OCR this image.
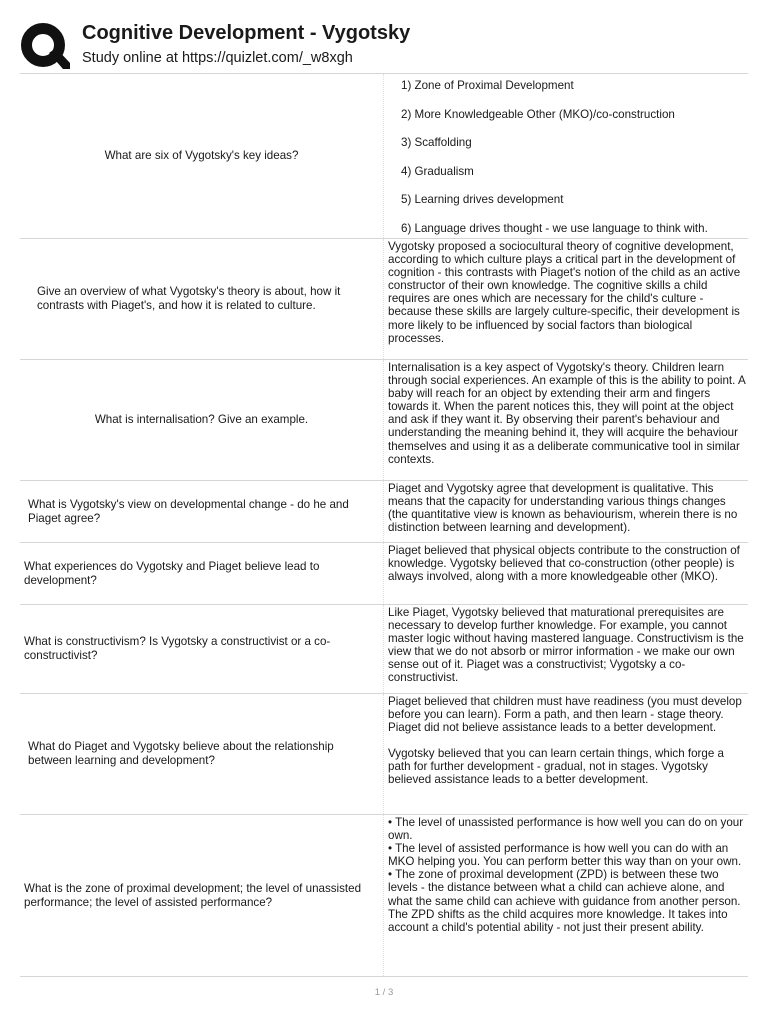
Cognitive Development - Vygotsky
Study online at https://quizlet.com/_w8xgh
What are six of Vygotsky's key ideas?

1) Zone of Proximal Development

2) More Knowledgeable Other (MKO)/co-construction

3) Scaffolding

4) Gradualism

5) Learning drives development

6) Language drives thought - we use language to think with.

Give an overview of what Vygotsky's theory is about, how it contrasts with Piaget's, and how it is related to culture.

Vygotsky proposed a sociocultural theory of cognitive development, according to which culture plays a critical part in the development of cognition - this contrasts with Piaget's notion of the child as an active constructor of their own knowledge. The cognitive skills a child requires are ones which are necessary for the child's culture - because these skills are largely culture-specific, their development is more likely to be influenced by social factors than biological processes.

What is internalisation? Give an example.

Internalisation is a key aspect of Vygotsky's theory. Children learn through social experiences. An example of this is the ability to point. A baby will reach for an object by extending their arm and fingers towards it. When the parent notices this, they will point at the object and ask if they want it. By observing their parent's behaviour and understanding the meaning behind it, they will acquire the behaviour themselves and using it as a deliberate communicative tool in similar contexts.

What is Vygotsky's view on developmental change - do he and Piaget agree?

Piaget and Vygotsky agree that development is qualitative. This means that the capacity for understanding various things changes (the quantitative view is known as behaviourism, wherein there is no distinction between learning and development).

What experiences do Vygotsky and Piaget believe lead to development?

Piaget believed that physical objects contribute to the construction of knowledge. Vygotsky believed that co-construction (other people) is always involved, along with a more knowledgeable other (MKO).

What is constructivism? Is Vygotsky a constructivist or a co-constructivist?

Like Piaget, Vygotsky believed that maturational prerequisites are necessary to develop further knowledge. For example, you cannot master logic without having mastered language. Constructivism is the view that we do not absorb or mirror information - we make our own sense out of it. Piaget was a constructivist; Vygotsky a co-constructivist.

What do Piaget and Vygotsky believe about the relationship between learning and development?

Piaget believed that children must have readiness (you must develop before you can learn). Form a path, and then learn - stage theory. Piaget did not believe assistance leads to a better development.

Vygotsky believed that you can learn certain things, which forge a path for further development - gradual, not in stages. Vygotsky believed assistance leads to a better development.

What is the zone of proximal development; the level of unassisted performance; the level of assisted performance?

• The level of unassisted performance is how well you can do on your own.

• The level of assisted performance is how well you can do with an MKO helping you. You can perform better this way than on your own.

• The zone of proximal development (ZPD) is between these two levels - the distance between what a child can achieve alone, and what the same child can achieve with guidance from another person. The ZPD shifts as the child acquires more knowledge. It takes into account a child's potential ability - not just their present ability.

1 / 3
